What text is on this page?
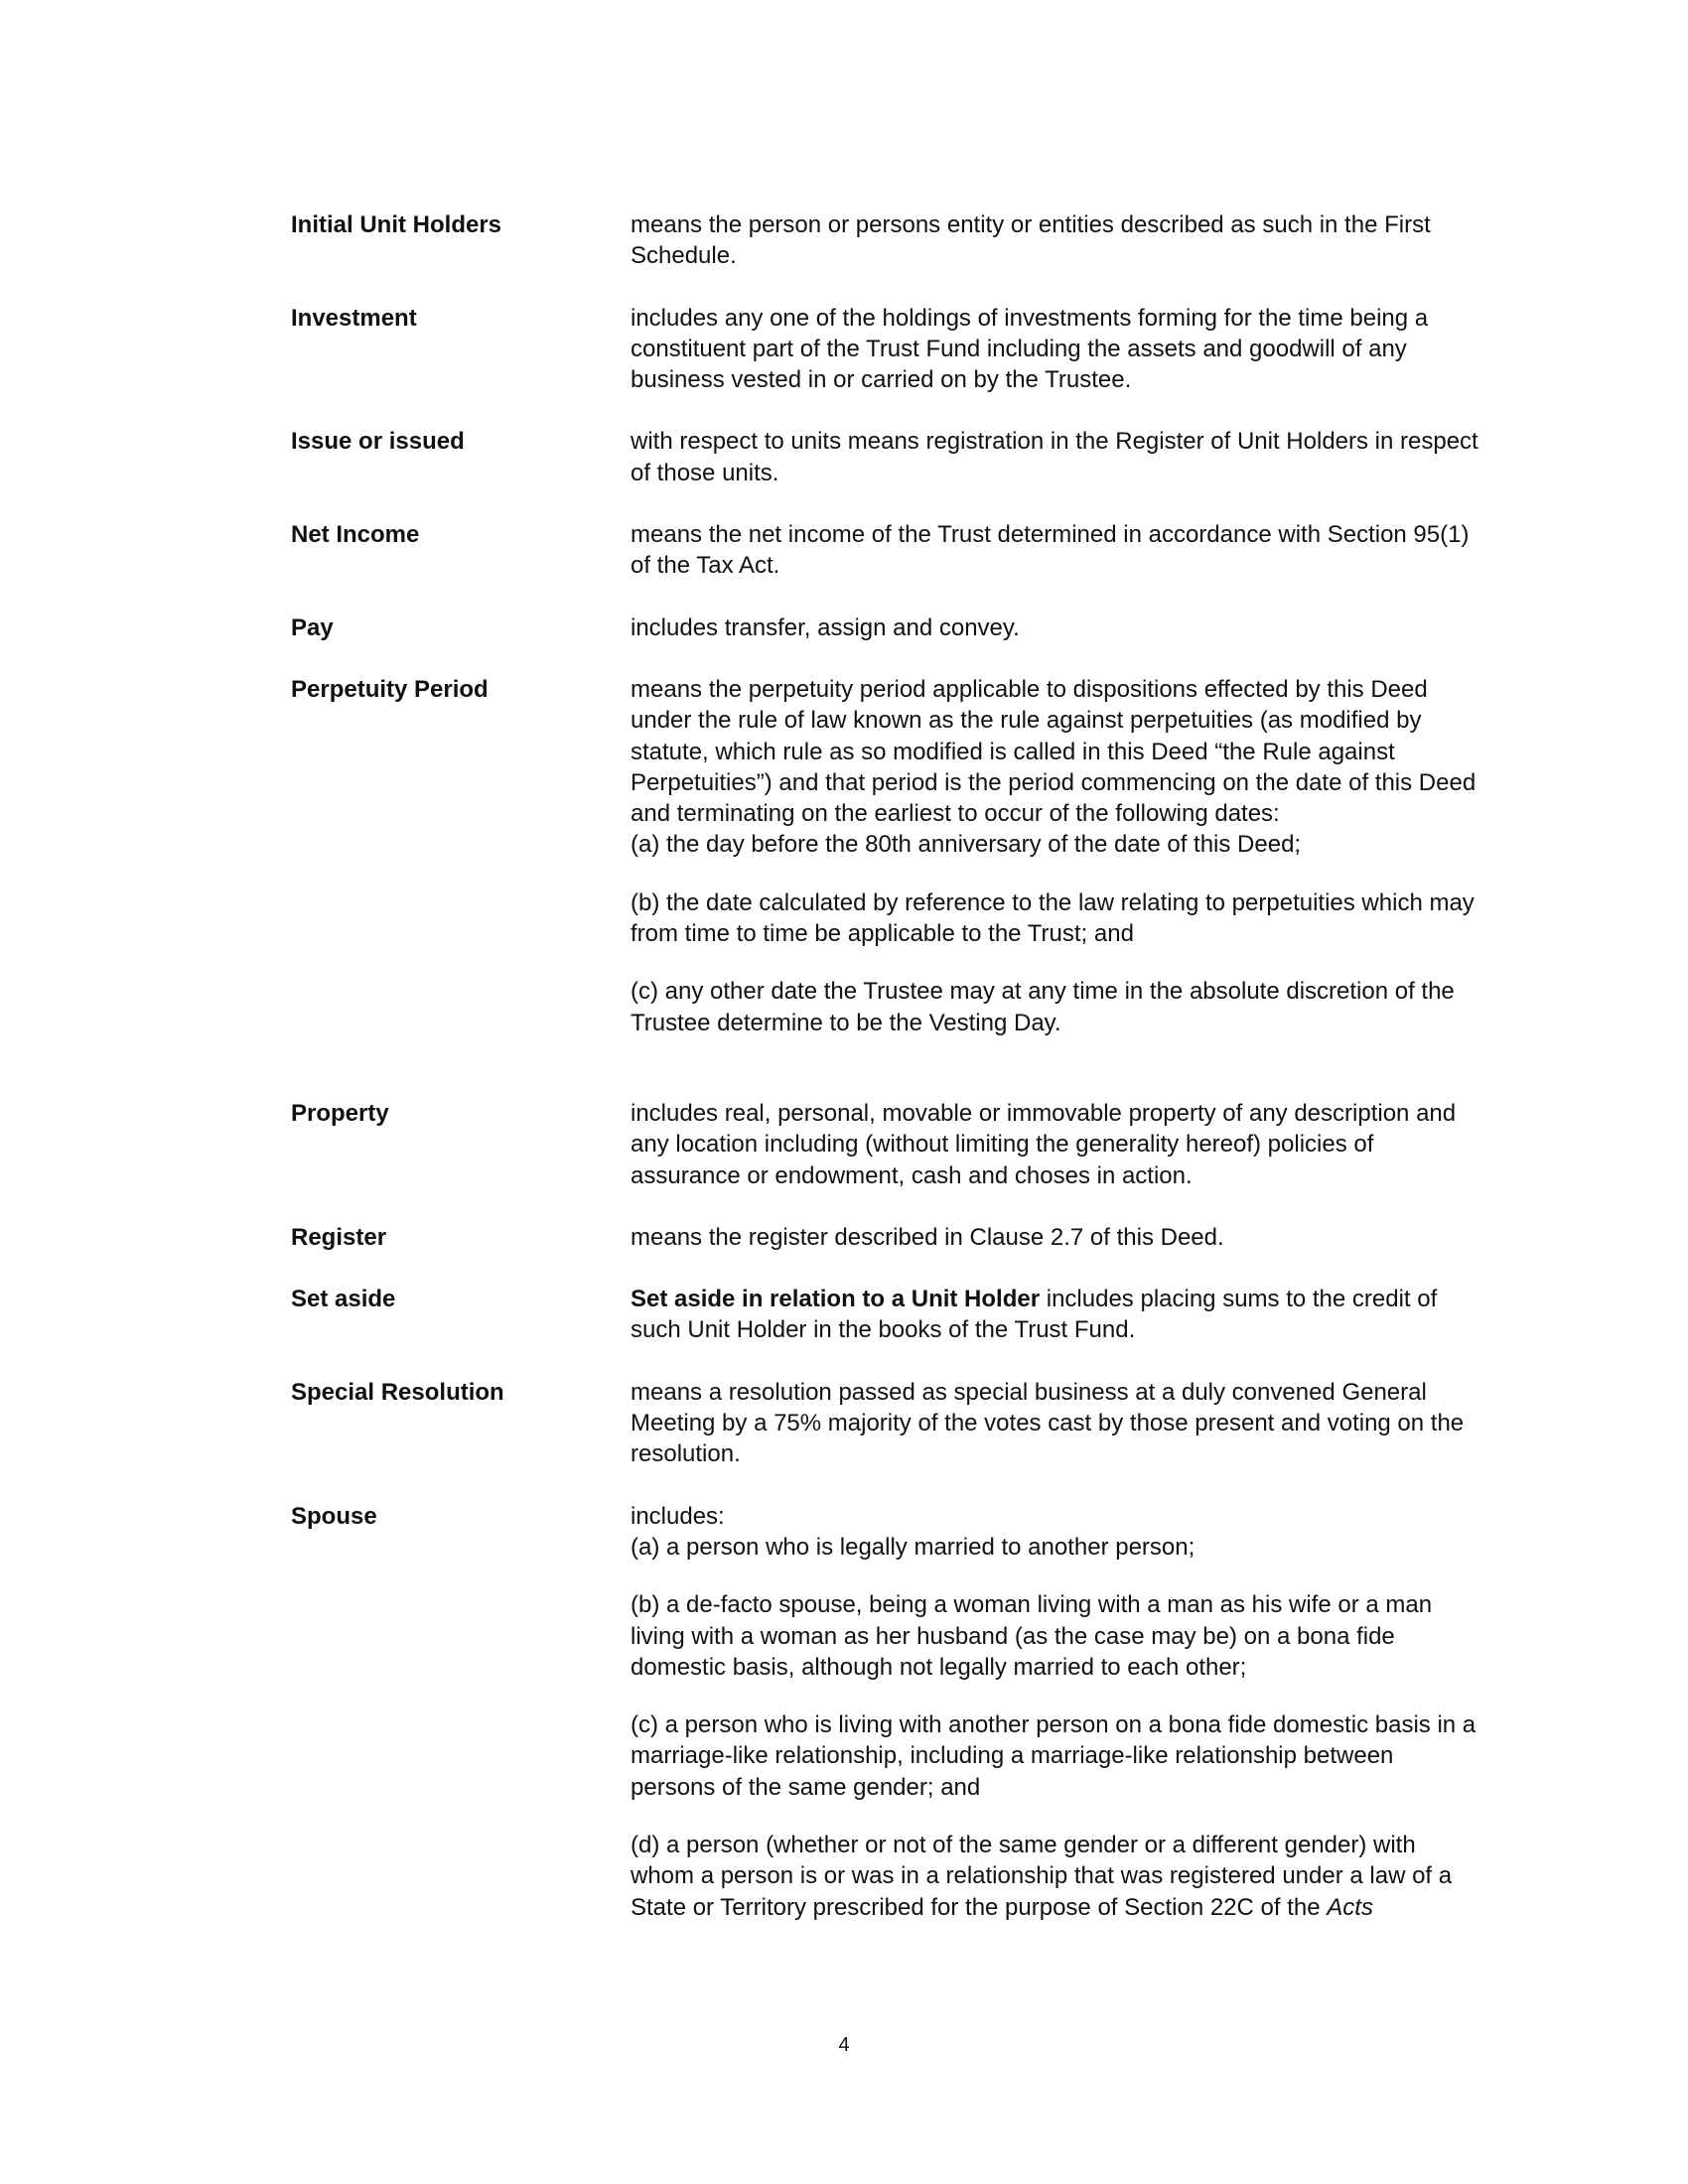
Initial Unit Holders	means the person or persons entity or entities described as such in the First Schedule.

Investment	includes any one of the holdings of investments forming for the time being a constituent part of the Trust Fund including the assets and goodwill of any business vested in or carried on by the Trustee.

Issue or issued	with respect to units means registration in the Register of Unit Holders in respect of those units.

Net Income	means the net income of the Trust determined in accordance with Section 95(1) of the Tax Act.

Pay	includes transfer, assign and convey.

Perpetuity Period	means the perpetuity period applicable to dispositions effected by this Deed under the rule of law known as the rule against perpetuities (as modified by statute, which rule as so modified is called in this Deed “the Rule against Perpetuities”) and that period is the period commencing on the date of this Deed and terminating on the earliest to occur of the following dates:
(a) the day before the 80th anniversary of the date of this Deed;

(b) the date calculated by reference to the law relating to perpetuities which may from time to time be applicable to the Trust; and

(c) any other date the Trustee may at any time in the absolute discretion of the Trustee determine to be the Vesting Day.

Property	includes real, personal, movable or immovable property of any description and any location including (without limiting the generality hereof) policies of assurance or endowment, cash and choses in action.

Register	means the register described in Clause 2.7 of this Deed.

Set aside	Set aside in relation to a Unit Holder includes placing sums to the credit of such Unit Holder in the books of the Trust Fund.

Special Resolution	means a resolution passed as special business at a duly convened General Meeting by a 75% majority of the votes cast by those present and voting on the resolution.

Spouse	includes:
(a) a person who is legally married to another person;

(b) a de-facto spouse, being a woman living with a man as his wife or a man living with a woman as her husband (as the case may be) on a bona fide domestic basis, although not legally married to each other;

(c) a person who is living with another person on a bona fide domestic basis in a marriage-like relationship, including a marriage-like relationship between persons of the same gender; and

(d) a person (whether or not of the same gender or a different gender) with whom a person is or was in a relationship that was registered under a law of a State or Territory prescribed for the purpose of Section 22C of the Acts

4
